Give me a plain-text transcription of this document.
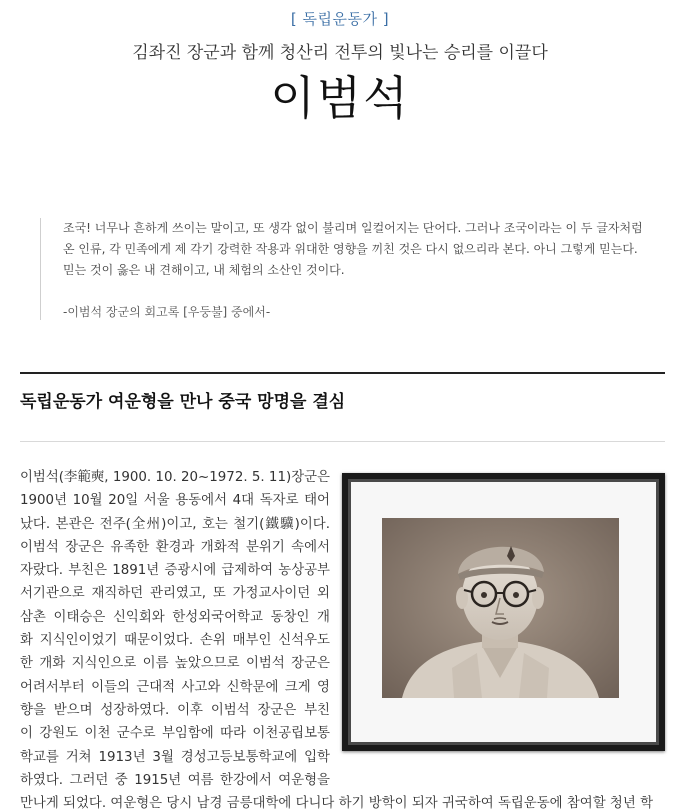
[ 독립운동가 ]
김좌진 장군과 함께 청산리 전투의 빛나는 승리를 이끌다
이범석
조국! 너무나 흔하게 쓰이는 말이고, 또 생각 없이 불리며 일컬어지는 단어다. 그러나 조국이라는 이 두 글자처럼
온 인류, 각 민족에게 제 각기 강력한 작용과 위대한 영향을 끼친 것은 다시 없으리라 본다. 아니 그렇게 믿는다.
믿는 것이 옳은 내 견해이고, 내 체험의 소산인 것이다.
-이범석 장군의 회고록 [우둥불] 중에서-
독립운동가 여운형을 만나 중국 망명을 결심
이범석(李範奭, 1900. 10. 20~1972. 5. 11)장군은
1900년 10월 20일 서울 용동에서 4대 독자로 태어
났다. 본관은 전주(全州)이고, 호는 철기(鐵驥)이다.
이범석 장군은 유족한 환경과 개화적 분위기 속에서
자랐다. 부친은 1891년 증광시에 급제하여 농상공부
서기관으로 재직하던 관리였고, 또 가정교사이던 외
삼촌 이태승은 신익회와 한성외국어학교 동창인 개
화 지식인이었기 때문이었다. 손위 매부인 신석우도
한 개화 지식인으로 이름 높았으므로 이범석 장군은
어려서부터 이들의 근대적 사고와 신학문에 크게 영
향을 받으며 성장하였다. 이후 이범석 장군은 부친
이 강원도 이천 군수로 부임함에 따라 이천공립보통
학교를 거쳐 1913년 3월 경성고등보통학교에 입학
하였다. 그러던 중 1915년 여름 한강에서 여운형을
만나게 되었다. 여운형은 당시 남경 금릉대학에 다니다 하기 방학이 되자 귀국하여 독립운동에 참여할 청년 학
